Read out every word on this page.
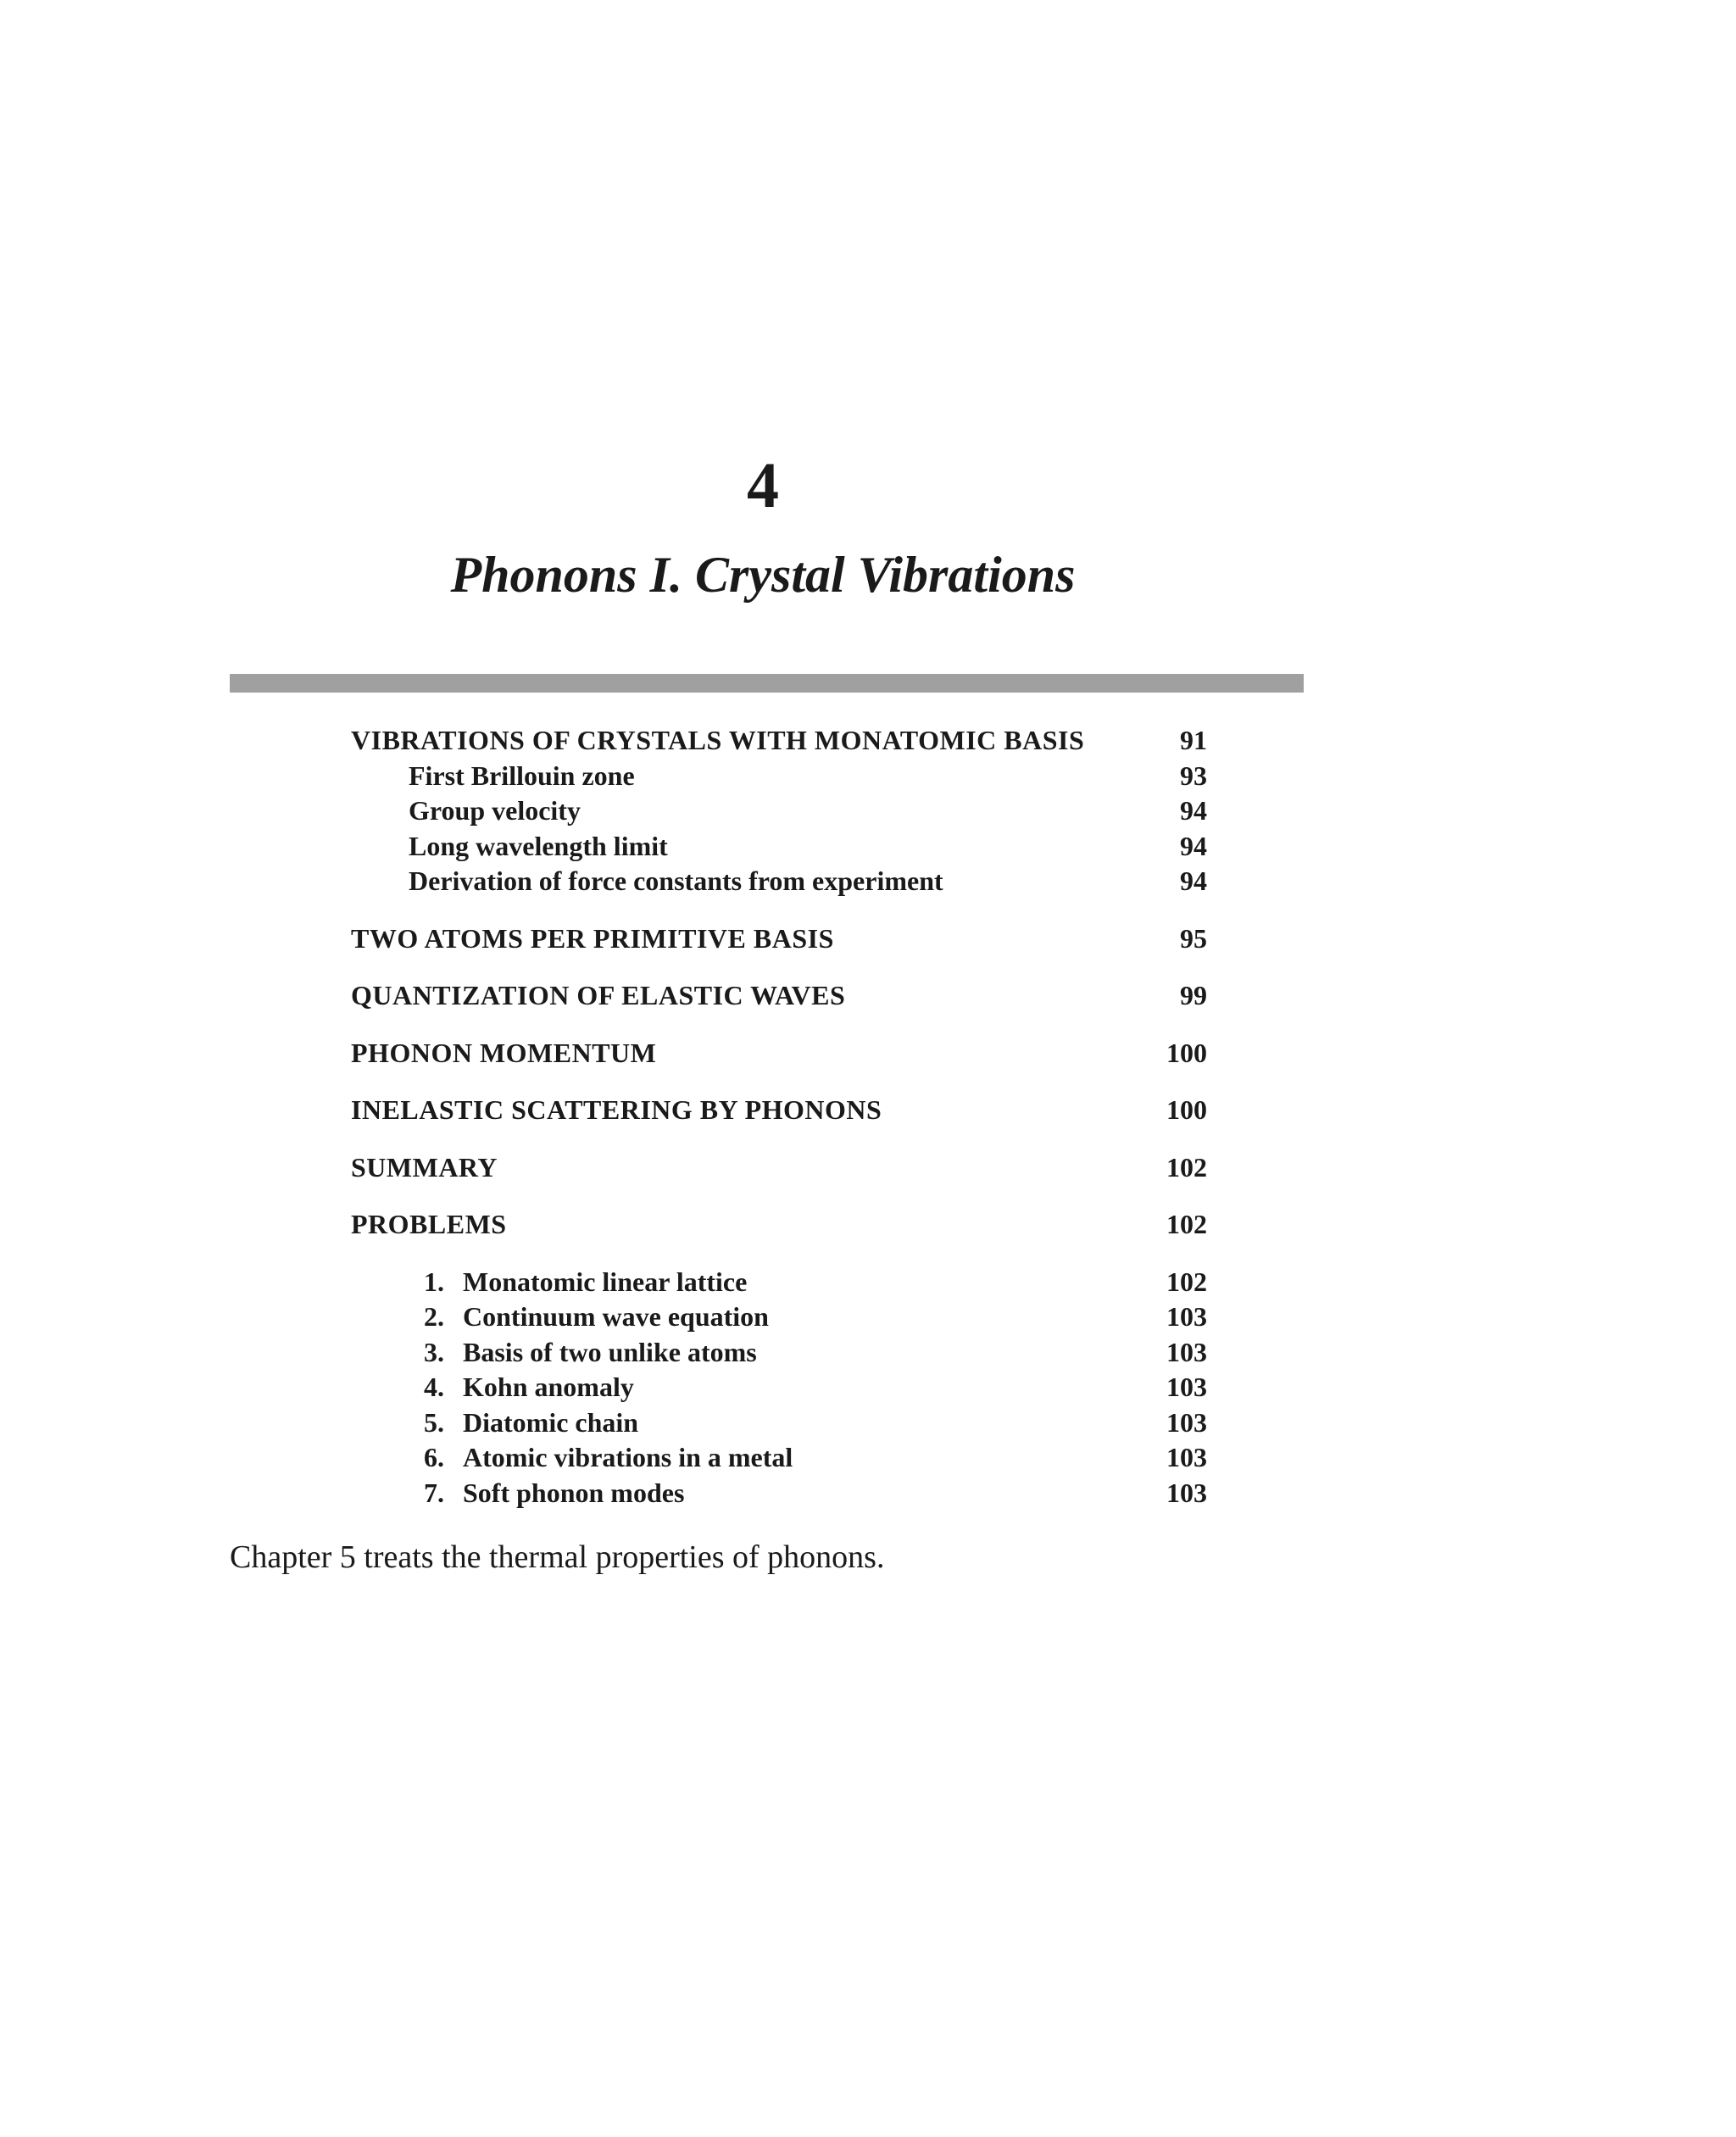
4
Phonons I. Crystal Vibrations
VIBRATIONS OF CRYSTALS WITH MONATOMIC BASIS	91
First Brillouin zone	93
Group velocity	94
Long wavelength limit	94
Derivation of force constants from experiment	94
TWO ATOMS PER PRIMITIVE BASIS	95
QUANTIZATION OF ELASTIC WAVES	99
PHONON MOMENTUM	100
INELASTIC SCATTERING BY PHONONS	100
SUMMARY	102
PROBLEMS	102
1. Monatomic linear lattice	102
2. Continuum wave equation	103
3. Basis of two unlike atoms	103
4. Kohn anomaly	103
5. Diatomic chain	103
6. Atomic vibrations in a metal	103
7. Soft phonon modes	103
Chapter 5 treats the thermal properties of phonons.
